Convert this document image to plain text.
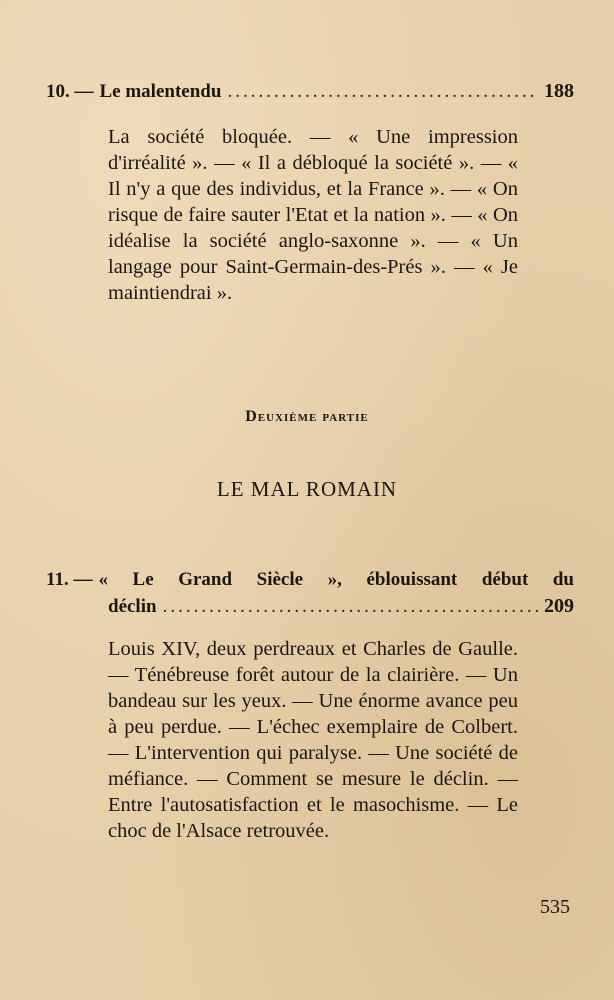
10. — Le malentendu .....	188

La société bloquée. — « Une impression d'irréalité ». — « Il a débloqué la société ». — « Il n'y a que des individus, et la France ». — « On risque de faire sauter l'Etat et la nation ». — « On idéalise la société anglo-saxonne ». — « Un langage pour Saint-Germain-des-Prés ». — « Je maintiendrai ».

Deuxième partie
LE MAL ROMAIN
11. — « Le Grand Siècle », éblouissant début du
déclin .....	209

Louis XIV, deux perdreaux et Charles de Gaulle. — Ténébreuse forêt autour de la clairière. — Un bandeau sur les yeux. — Une énorme avance peu à peu perdue. — L'échec exemplaire de Colbert. — L'intervention qui paralyse. — Une société de méfiance. — Comment se mesure le déclin. — Entre l'autosatisfaction et le masochisme. — Le choc de l'Alsace retrouvée.

535
